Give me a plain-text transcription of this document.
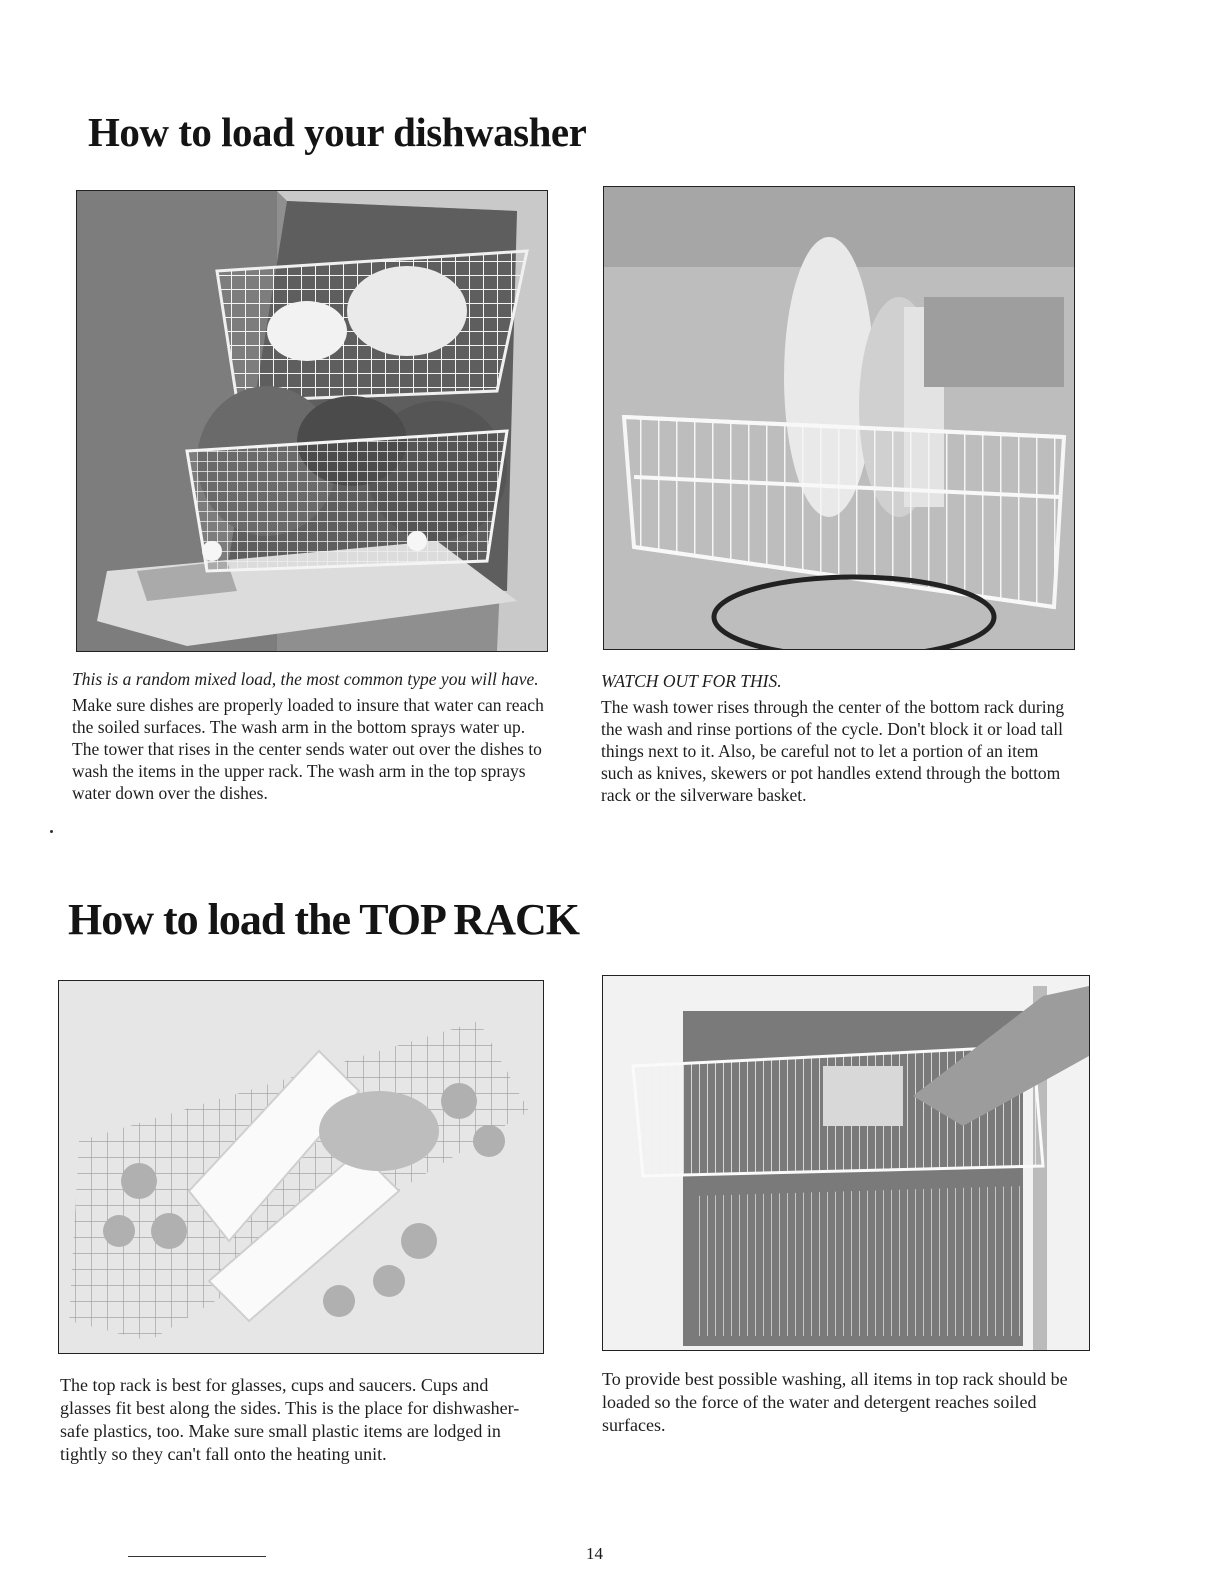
How to load your dishwasher

This is a random mixed load, the most common type you will have.

Make sure dishes are properly loaded to insure that water can reach the soiled surfaces. The wash arm in the bottom sprays water up. The tower that rises in the center sends water out over the dishes to wash the items in the upper rack. The wash arm in the top sprays water down over the dishes.

WATCH OUT FOR THIS.

The wash tower rises through the center of the bottom rack during the wash and rinse portions of the cycle. Don't block it or load tall things next to it. Also, be careful not to let a portion of an item such as knives, skewers or pot handles extend through the bottom rack or the silverware basket.

How to load the TOP RACK

The top rack is best for glasses, cups and saucers. Cups and glasses fit best along the sides. This is the place for dishwasher-safe plastics, too. Make sure small plastic items are lodged in tightly so they can't fall onto the heating unit.

To provide best possible washing, all items in top rack should be loaded so the force of the water and detergent reaches soiled surfaces.

14
